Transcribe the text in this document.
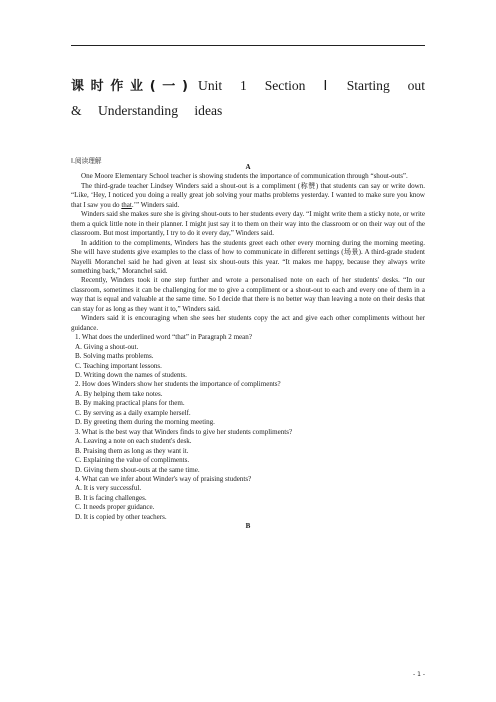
课时作业(一) Unit 1 Section Ⅰ Starting out & Understanding ideas
Ⅰ.阅读理解

A

One Moore Elementary School teacher is showing students the importance of communication through “shout-outs”.

The third-grade teacher Lindsey Winders said a shout-out is a compliment (称赞) that students can say or write down. “Like, ‘Hey, I noticed you doing a really great job solving your maths problems yesterday. I wanted to make sure you know that I saw you do that.’” Winders said.

Winders said she makes sure she is giving shout-outs to her students every day. “I might write them a sticky note, or write them a quick little note in their planner. I might just say it to them on their way into the classroom or on their way out of the classroom. But most importantly, I try to do it every day,” Winders said.

In addition to the compliments, Winders has the students greet each other every morning during the morning meeting. She will have students give examples to the class of how to communicate in different settings (场景). A third-grade student Nayelli Moranchel said he had given at least six shout-outs this year. “It makes me happy, because they always write something back,” Moranchel said.

Recently, Winders took it one step further and wrote a personalised note on each of her students' desks. “In our classroom, sometimes it can be challenging for me to give a compliment or a shout-out to each and every one of them in a way that is equal and valuable at the same time. So I decide that there is no better way than leaving a note on their desks that can stay for as long as they want it to,” Winders said.

Winders said it is encouraging when she sees her students copy the act and give each other compliments without her guidance.

1. What does the underlined word “that” in Paragraph 2 mean?

A. Giving a shout-out.

B. Solving maths problems.

C. Teaching important lessons.

D. Writing down the names of students.

2. How does Winders show her students the importance of compliments?

A. By helping them take notes.

B. By making practical plans for them.

C. By serving as a daily example herself.

D. By greeting them during the morning meeting.

3. What is the best way that Winders finds to give her students compliments?

A. Leaving a note on each student's desk.

B. Praising them as long as they want it.

C. Explaining the value of compliments.

D. Giving them shout-outs at the same time.

4. What can we infer about Winder's way of praising students?

A. It is very successful.

B. It is facing challenges.

C. It needs proper guidance.

D. It is copied by other teachers.

B

- 1 -
